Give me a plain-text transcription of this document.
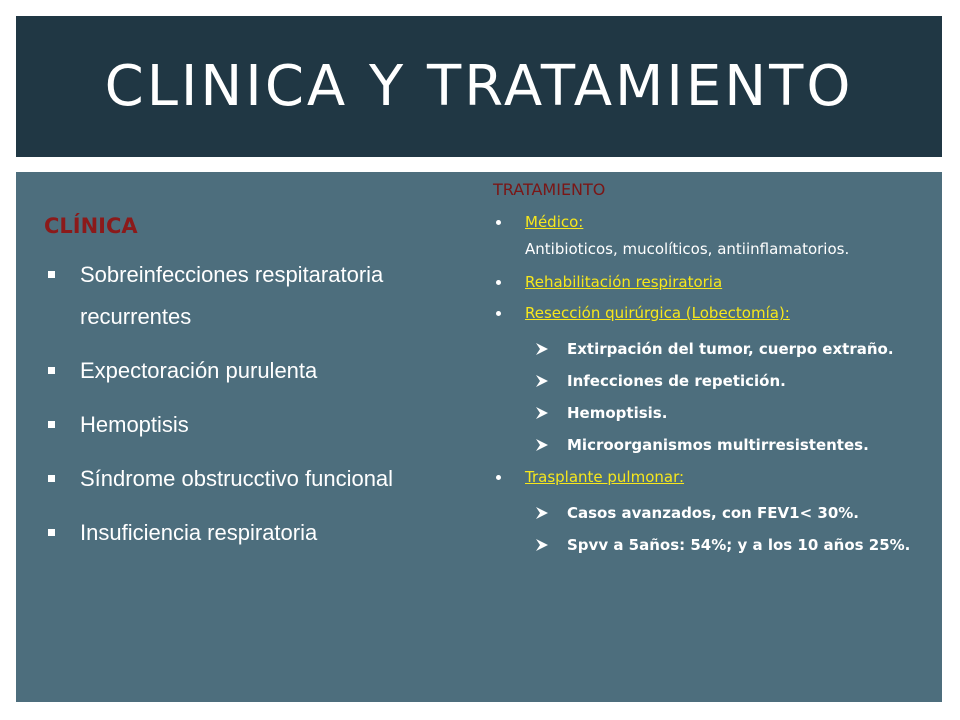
CLINICA Y TRATAMIENTO
CLÍNICA
Sobreinfecciones respitaratoria recurrentes
Expectoración purulenta
Hemoptisis
Síndrome obstrucctivo funcional
Insuficiencia respiratoria
TRATAMIENTO
Médico:
Antibioticos, mucolíticos, antiinflamatorios.
Rehabilitación respiratoria
Resección quirúrgica (Lobectomía):
Extirpación del tumor, cuerpo extraño.
Infecciones de repetición.
Hemoptisis.
Microorganismos multirresistentes.
Trasplante pulmonar:
Casos avanzados, con FEV1< 30%.
Spvv a 5años: 54%; y a los 10 años 25%.
